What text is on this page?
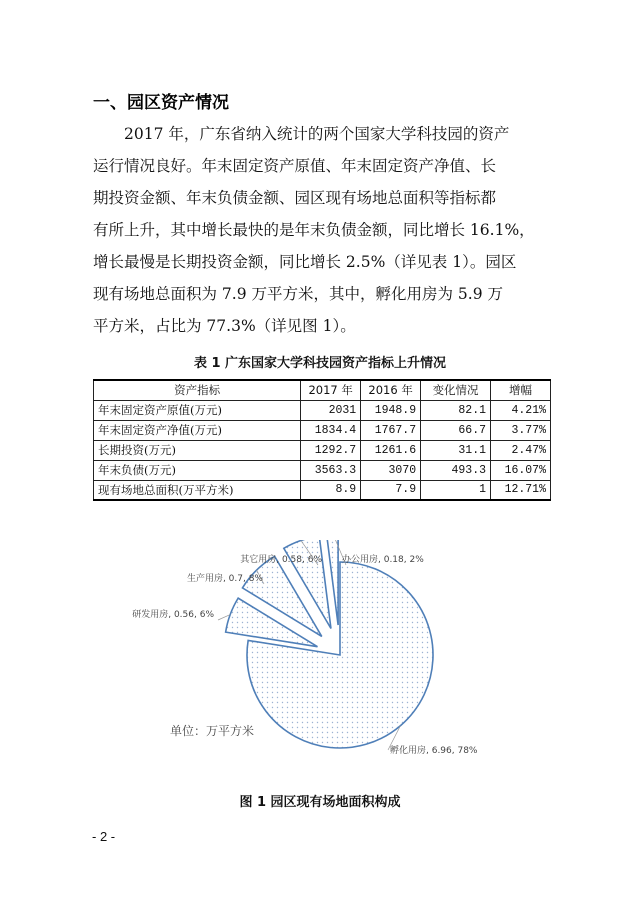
一、园区资产情况
2017 年，广东省纳入统计的两个国家大学科技园的资产
运行情况良好。年末固定资产原值、年末固定资产净值、长
期投资金额、年末负债金额、园区现有场地总面积等指标都
有所上升，其中增长最快的是年末负债金额，同比增长 16.1%，
增长最慢是长期投资金额，同比增长 2.5%（详见表 1）。园区
现有场地总面积为 7.9 万平方米，其中，孵化用房为 5.9 万
平方米，占比为 77.3%（详见图 1）。
表 1 广东国家大学科技园资产指标上升情况
资产指标	2017 年	2016 年	变化情况	增幅
年末固定资产原值(万元)	2031	1948.9	82.1	4.21%
年末固定资产净值(万元)	1834.4	1767.7	66.7	3.77%
长期投资(万元)	1292.7	1261.6	31.1	2.47%
年末负债(万元)	3563.3	3070	493.3	16.07%
现有场地总面积(万平方米)	8.9	7.9	1	12.71%
孵化用房, 6.96, 78%
研发用房, 0.56, 6%
生产用房, 0.7, 8%
其它用房, 0.58, 6% 办公用房, 0.18, 2%
单位：万平方米
图 1 园区现有场地面积构成
- 2 -
